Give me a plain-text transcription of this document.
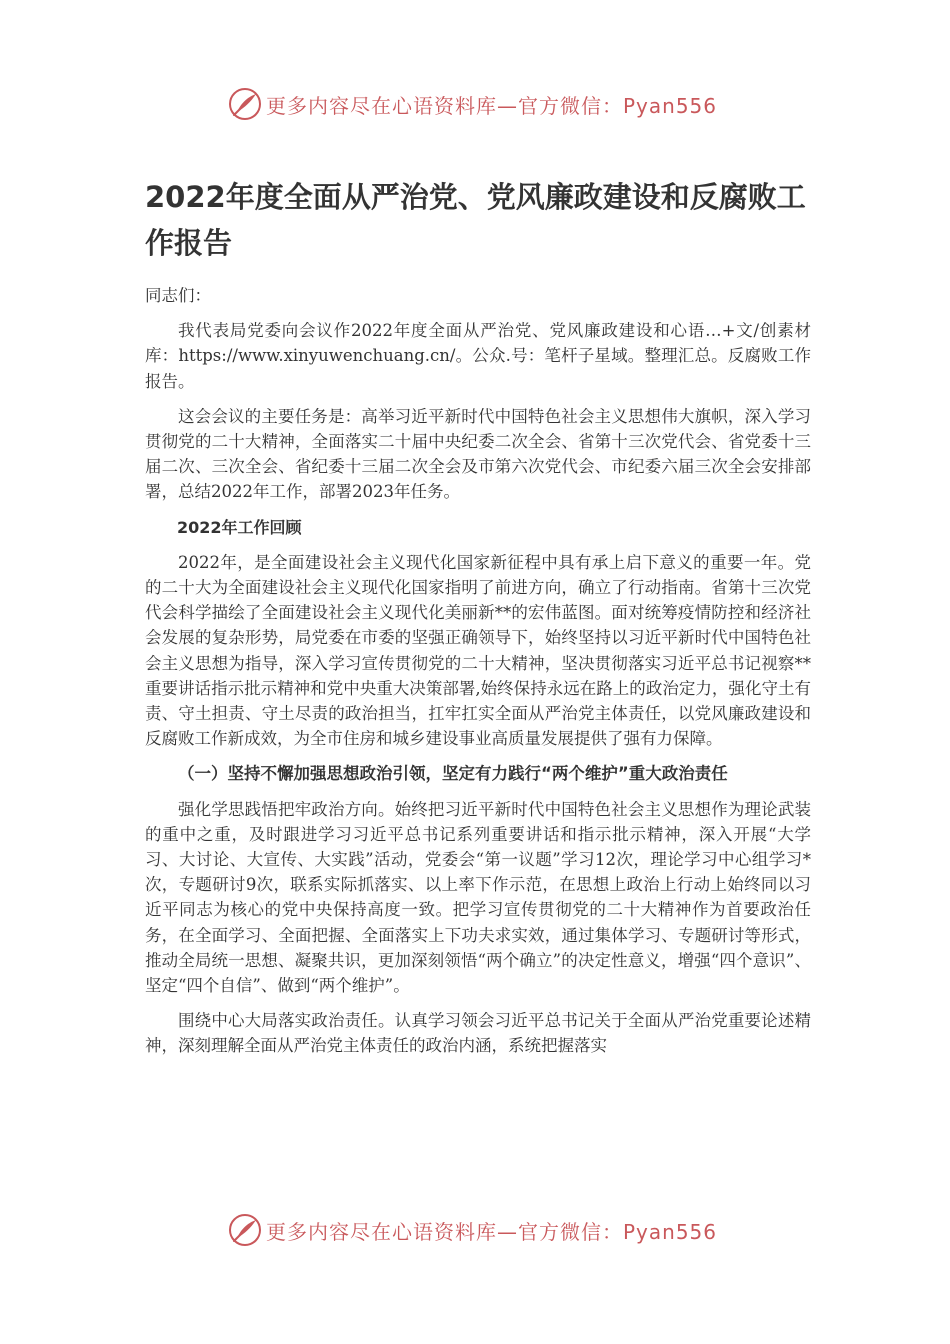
更多内容尽在心语资料库—官方微信：Pyan556
2022年度全面从严治党、党风廉政建设和反腐败工作报告

同志们：

我代表局党委向会议作2022年度全面从严治党、党风廉政建设和心语…+文/创素材库：https://www.xinyuwenchuang.cn/。公众.号：笔杆子星域。整理汇总。反腐败工作报告。

这会会议的主要任务是：高举习近平新时代中国特色社会主义思想伟大旗帜，深入学习贯彻党的二十大精神，全面落实二十届中央纪委二次全会、省第十三次党代会、省党委十三届二次、三次全会、省纪委十三届二次全会及市第六次党代会、市纪委六届三次全会安排部署，总结2022年工作，部署2023年任务。

2022年工作回顾

2022年，是全面建设社会主义现代化国家新征程中具有承上启下意义的重要一年。党的二十大为全面建设社会主义现代化国家指明了前进方向，确立了行动指南。省第十三次党代会科学描绘了全面建设社会主义现代化美丽新**的宏伟蓝图。面对统筹疫情防控和经济社会发展的复杂形势，局党委在市委的坚强正确领导下，始终坚持以习近平新时代中国特色社会主义思想为指导，深入学习宣传贯彻党的二十大精神，坚决贯彻落实习近平总书记视察**重要讲话指示批示精神和党中央重大决策部署,始终保持永远在路上的政治定力，强化守土有责、守土担责、守土尽责的政治担当，扛牢扛实全面从严治党主体责任，以党风廉政建设和反腐败工作新成效，为全市住房和城乡建设事业高质量发展提供了强有力保障。

（一）坚持不懈加强思想政治引领，坚定有力践行“两个维护”重大政治责任

强化学思践悟把牢政治方向。始终把习近平新时代中国特色社会主义思想作为理论武装的重中之重，及时跟进学习习近平总书记系列重要讲话和指示批示精神，深入开展“大学习、大讨论、大宣传、大实践”活动，党委会“第一议题”学习12次，理论学习中心组学习*次，专题研讨9次，联系实际抓落实、以上率下作示范，在思想上政治上行动上始终同以习近平同志为核心的党中央保持高度一致。把学习宣传贯彻党的二十大精神作为首要政治任务，在全面学习、全面把握、全面落实上下功夫求实效，通过集体学习、专题研讨等形式，推动全局统一思想、凝聚共识，更加深刻领悟“两个确立”的决定性意义，增强“四个意识”、坚定“四个自信”、做到“两个维护”。

围绕中心大局落实政治责任。认真学习领会习近平总书记关于全面从严治党重要论述精神，深刻理解全面从严治党主体责任的政治内涵，系统把握落实

更多内容尽在心语资料库—官方微信：Pyan556
